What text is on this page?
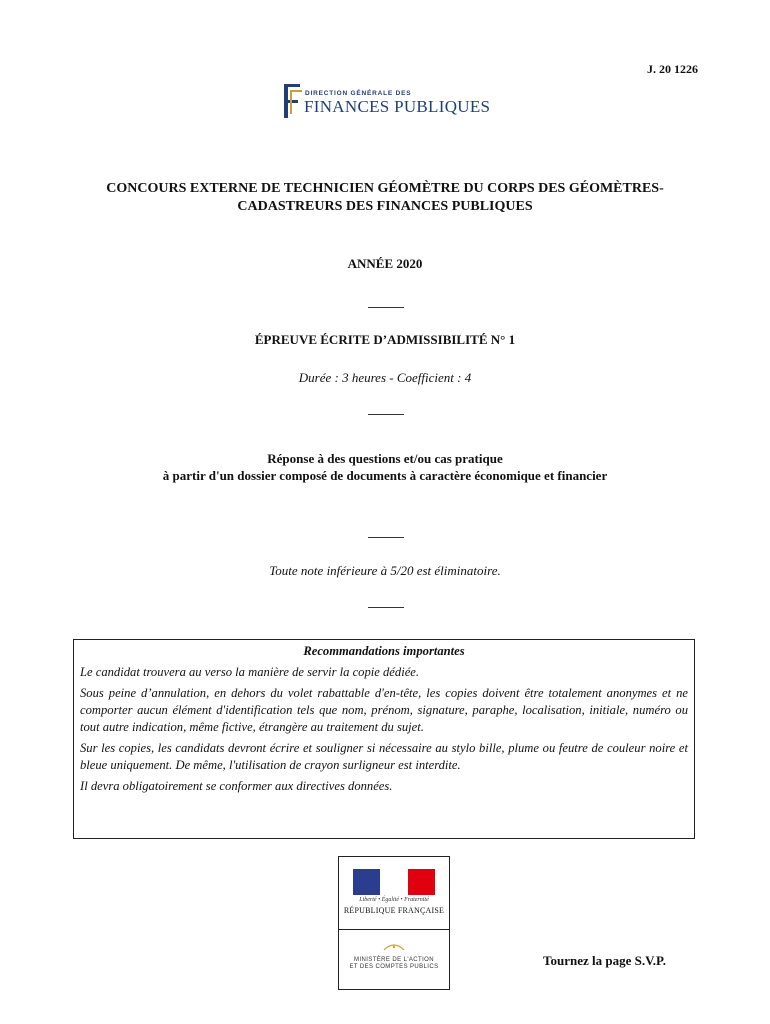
J. 20 1226
DIRECTION GÉNÉRALE DES
FINANCES PUBLIQUES
CONCOURS EXTERNE DE TECHNICIEN GÉOMÈTRE DU CORPS DES GÉOMÈTRES-
CADASTREURS DES FINANCES PUBLIQUES
ANNÉE 2020
ÉPREUVE ÉCRITE D’ADMISSIBILITÉ N° 1
Durée : 3 heures - Coefficient : 4
Réponse à des questions et/ou cas pratique
à partir d'un dossier composé de documents à caractère économique et financier
Toute note inférieure à 5/20 est éliminatoire.
Recommandations importantes

Le candidat trouvera au verso la manière de servir la copie dédiée.

Sous peine d’annulation, en dehors du volet rabattable d'en-tête, les copies doivent être totalement anonymes et ne comporter aucun élément d'identification tels que nom, prénom, signature, paraphe, localisation, initiale, numéro ou tout autre indication, même fictive, étrangère au traitement du sujet.

Sur les copies, les candidats devront écrire et souligner si nécessaire au stylo bille, plume ou feutre de couleur noire et bleue uniquement. De même, l'utilisation de crayon surligneur est interdite.

Il devra obligatoirement se conformer aux directives données.

Liberté • Égalité • Fraternité
RÉPUBLIQUE FRANÇAISE
MINISTÈRE DE L'ACTION
ET DES COMPTES PUBLICS	Tournez la page S.V.P.
